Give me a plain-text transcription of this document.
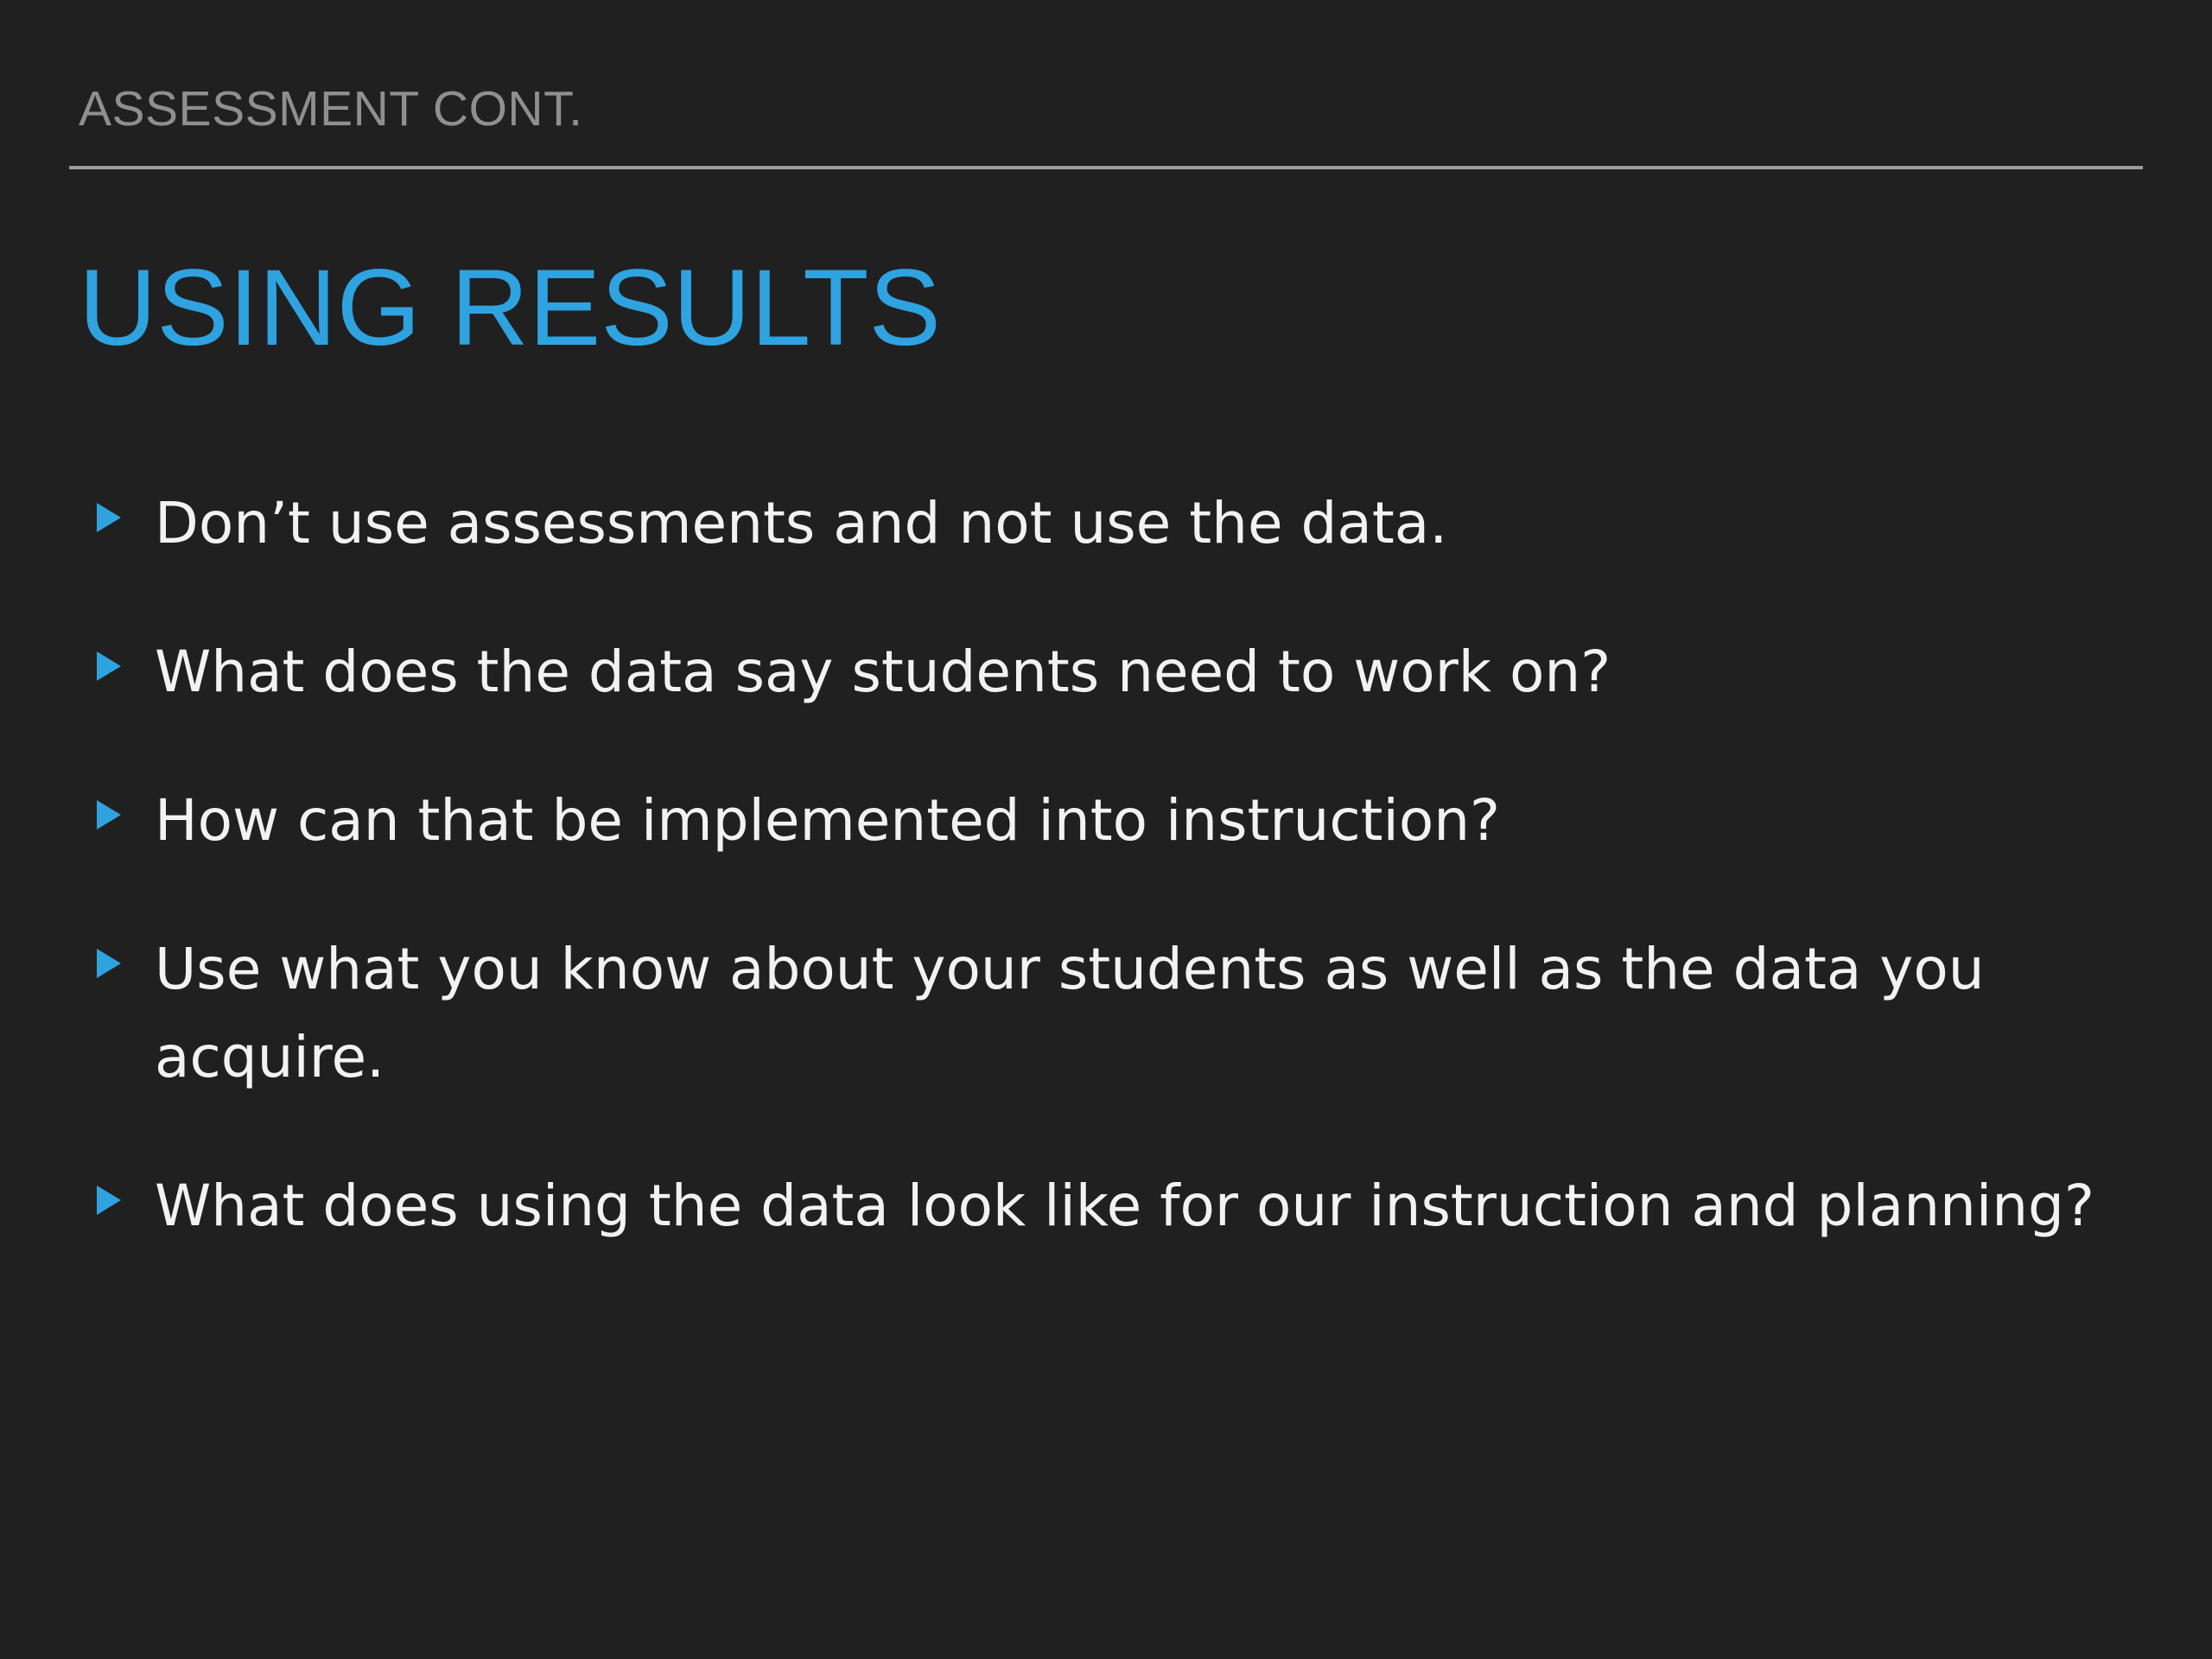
ASSESSMENT CONT.
USING RESULTS

Don’t use assessments and not use the data.

What does the data say students need to work on?

How can that be implemented into instruction?

Use what you know about your students as well as the data you acquire.

What does using the data look like for our instruction and planning?
